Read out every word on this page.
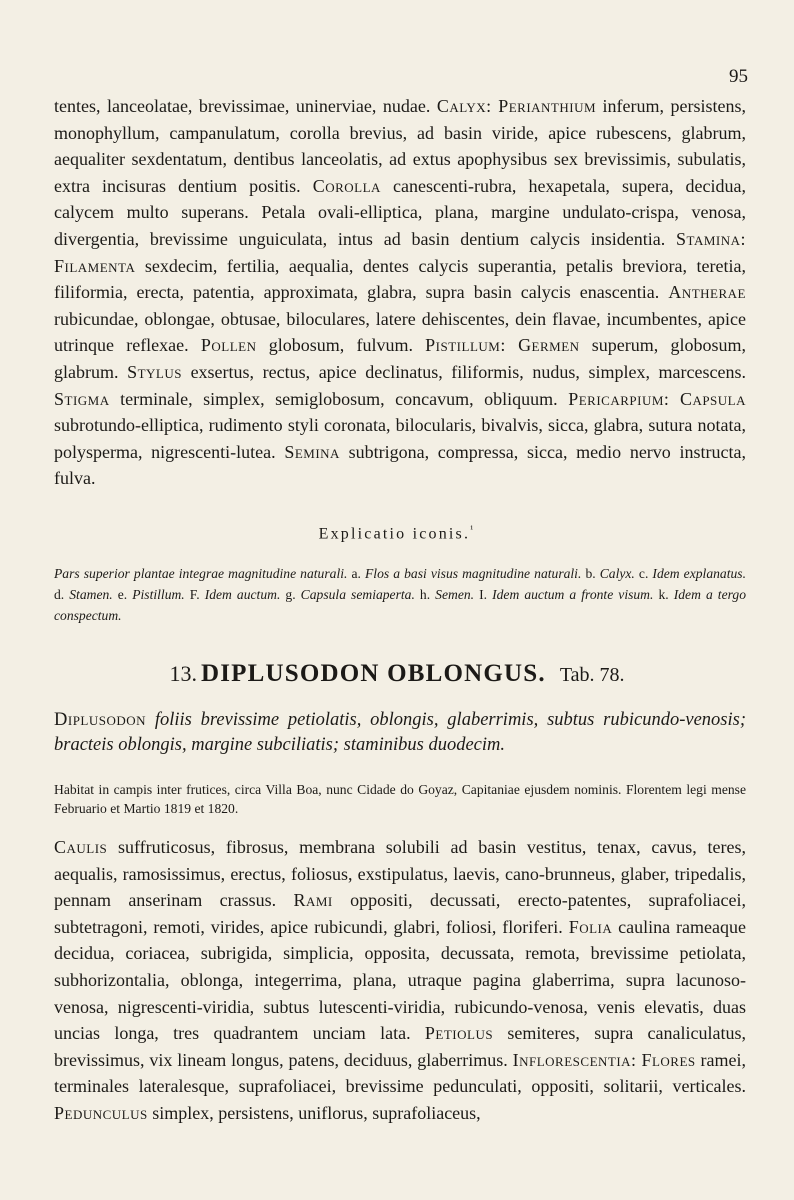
95
tentes, lanceolatae, brevissimae, uninerviae, nudae. Calyx: Perianthium inferum, persistens, monophyllum, campanulatum, corolla brevius, ad basin viride, apice rubescens, glabrum, aequaliter sexdentatum, dentibus lanceolatis, ad extus apophysibus sex brevissimis, subulatis, extra incisuras dentium positis. Corolla canescenti-rubra, hexapetala, supera, decidua, calycem multo superans. Petala ovali-elliptica, plana, margine undulato-crispa, venosa, divergentia, brevissime unguiculata, intus ad basin dentium calycis insidentia. Stamina: Filamenta sexdecim, fertilia, aequalia, dentes calycis superantia, petalis breviora, teretia, filiformia, erecta, patentia, approximata, glabra, supra basin calycis enascentia. Antherae rubicundae, oblongae, obtusae, biloculares, latere dehiscentes, dein flavae, incumbentes, apice utrinque reflexae. Pollen globosum, fulvum. Pistillum: Germen superum, globosum, glabrum. Stylus exsertus, rectus, apice declinatus, filiformis, nudus, simplex, marcescens. Stigma terminale, simplex, semiglobosum, concavum, obliquum. Pericarpium: Capsula subrotundo-elliptica, rudimento styli coronata, bilocularis, bivalvis, sicca, glabra, sutura notata, polysperma, nigrescenti-lutea. Semina subtrigona, compressa, sicca, medio nervo instructa, fulva.
Explicatio iconis.$^{^1}$
Pars superior plantae integrae magnitudine naturali. a. Flos a basi visus magnitudine naturali. b. Calyx. c. Idem explanatus. d. Stamen. e. Pistillum. F. Idem auctum. g. Capsula semiaperta. h. Semen. I. Idem auctum a fronte visum. k. Idem a tergo conspectum.
13. DIPLUSODON OBLONGUS. Tab. 78.
Diplusodon foliis brevissime petiolatis, oblongis, glaberrimis, subtus rubicundo-venosis; bracteis oblongis, margine subciliatis; staminibus duodecim.
Habitat in campis inter frutices, circa Villa Boa, nunc Cidade do Goyaz, Capitaniae ejusdem nominis. Florentem legi mense Februario et Martio 1819 et 1820.
Caulis suffruticosus, fibrosus, membrana solubili ad basin vestitus, tenax, cavus, teres, aequalis, ramosissimus, erectus, foliosus, exstipulatus, laevis, cano-brunneus, glaber, tripedalis, pennam anserinam crassus. Rami oppositi, decussati, erecto-patentes, suprafoliacei, subtetragoni, remoti, virides, apice rubicundi, glabri, foliosi, floriferi. Folia caulina rameaque decidua, coriacea, subrigida, simplicia, opposita, decussata, remota, brevissime petiolata, subhorizontalia, oblonga, integerrima, plana, utraque pagina glaberrima, supra lacunoso-venosa, nigrescenti-viridia, subtus lutescenti-viridia, rubicundo-venosa, venis elevatis, duas uncias longa, tres quadrantem unciam lata. Petiolus semiteres, supra canaliculatus, brevissimus, vix lineam longus, patens, deciduus, glaberrimus. Inflorescentia: Flores ramei, terminales lateralesque, suprafoliacei, brevissime pedunculati, oppositi, solitarii, verticales. Pedunculus simplex, persistens, uniflorus, suprafoliaceus,
